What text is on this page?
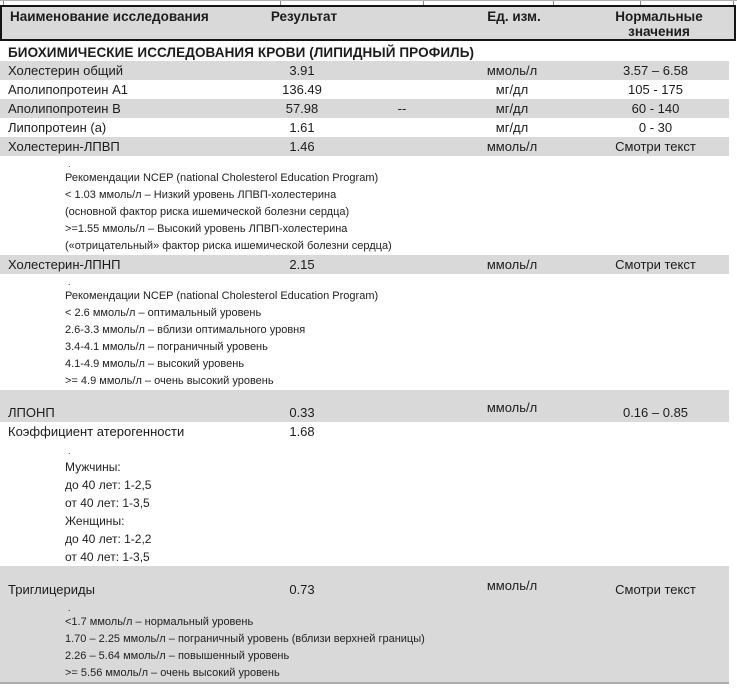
Наименование исследования	Результат	Ед. изм.	Нормальные значения
БИОХИМИЧЕСКИЕ ИССЛЕДОВАНИЯ КРОВИ (ЛИПИДНЫЙ ПРОФИЛЬ)
Холестерин общий	3.91	ммоль/л	3.57 – 6.58
Аполипопротеин А1	136.49	мг/дл	105 - 175
Аполипопротеин В	57.98	--	мг/дл	60 - 140
Липопротеин (а)	1.61	мг/дл	0 - 30
Холестерин-ЛПВП	1.46	ммоль/л	Смотри текст
.
Рекомендации NCEP (national Cholesterol Education Program)
< 1.03 ммоль/л – Низкий уровень ЛПВП-холестерина
(основной фактор риска ишемической болезни сердца)
>=1.55 ммоль/л – Высокий уровень ЛПВП-холестерина
(«отрицательный» фактор риска ишемической болезни сердца)
Холестерин-ЛПНП	2.15	ммоль/л	Смотри текст
.
Рекомендации NCEP (national Cholesterol Education Program)
< 2.6 ммоль/л – оптимальный уровень
2.6-3.3 ммоль/л – вблизи оптимального уровня
3.4-4.1 ммоль/л – пограничный уровень
4.1-4.9 ммоль/л – высокий уровень
>= 4.9 ммоль/л – очень высокий уровень
ЛПОНП	0.33	ммоль/л	0.16 – 0.85
Коэффициент атерогенности	1.68
.
Мужчины:
до 40 лет: 1-2,5
от 40 лет: 1-3,5
Женщины:
до 40 лет: 1-2,2
от 40 лет: 1-3,5
Триглицериды	0.73	ммоль/л	Смотри текст
.
<1.7 ммоль/л – нормальный уровень
1.70 – 2.25 ммоль/л – пограничный уровень (вблизи верхней границы)
2.26 – 5.64 ммоль/л – повышенный уровень
>= 5.56 ммоль/л – очень высокий уровень
